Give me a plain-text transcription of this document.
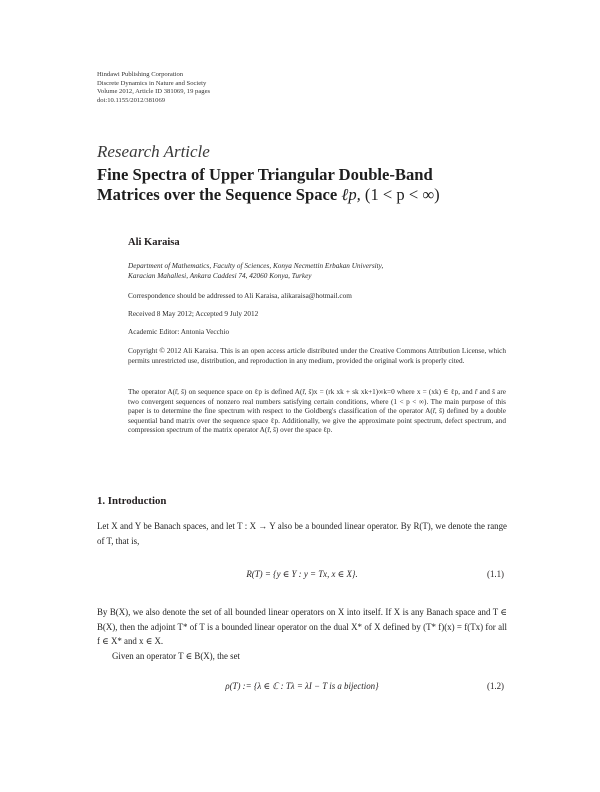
Hindawi Publishing Corporation
Discrete Dynamics in Nature and Society
Volume 2012, Article ID 381069, 19 pages
doi:10.1155/2012/381069
Research Article
Fine Spectra of Upper Triangular Double-Band
Matrices over the Sequence Space ℓp, (1 < p < ∞)
Ali Karaisa
Department of Mathematics, Faculty of Sciences, Konya Necmettin Erbakan University,
Karacian Mahallesi, Ankara Caddesi 74, 42060 Konya, Turkey
Correspondence should be addressed to Ali Karaisa, alikaraisa@hotmail.com
Received 8 May 2012; Accepted 9 July 2012
Academic Editor: Antonia Vecchio
Copyright © 2012 Ali Karaisa. This is an open access article distributed under the Creative Commons Attribution License, which permits unrestricted use, distribution, and reproduction in any medium, provided the original work is properly cited.
The operator A(r̃, s̃) on sequence space on ℓp is defined A(r̃, s̃)x = (rk xk + sk xk+1)∞k=0 where x = (xk) ∈ ℓp, and r̃ and s̃ are two convergent sequences of nonzero real numbers satisfying certain conditions, where (1 < p < ∞). The main purpose of this paper is to determine the fine spectrum with respect to the Goldberg's classification of the operator A(r̃, s̃) defined by a double sequential band matrix over the sequence space ℓp. Additionally, we give the approximate point spectrum, defect spectrum, and compression spectrum of the matrix operator A(r̃, s̃) over the space ℓp.
1. Introduction
Let X and Y be Banach spaces, and let T : X → Y also be a bounded linear operator. By R(T), we denote the range of T, that is,
R(T) = {y ∈ Y : y = Tx, x ∈ X}.	(1.1)
By B(X), we also denote the set of all bounded linear operators on X into itself. If X is any Banach space and T ∈ B(X), then the adjoint T* of T is a bounded linear operator on the dual X* of X defined by (T* f)(x) = f(Tx) for all f ∈ X* and x ∈ X.
Given an operator T ∈ B(X), the set
ρ(T) := {λ ∈ ℂ : Tλ = λI − T is a bijection}	(1.2)
